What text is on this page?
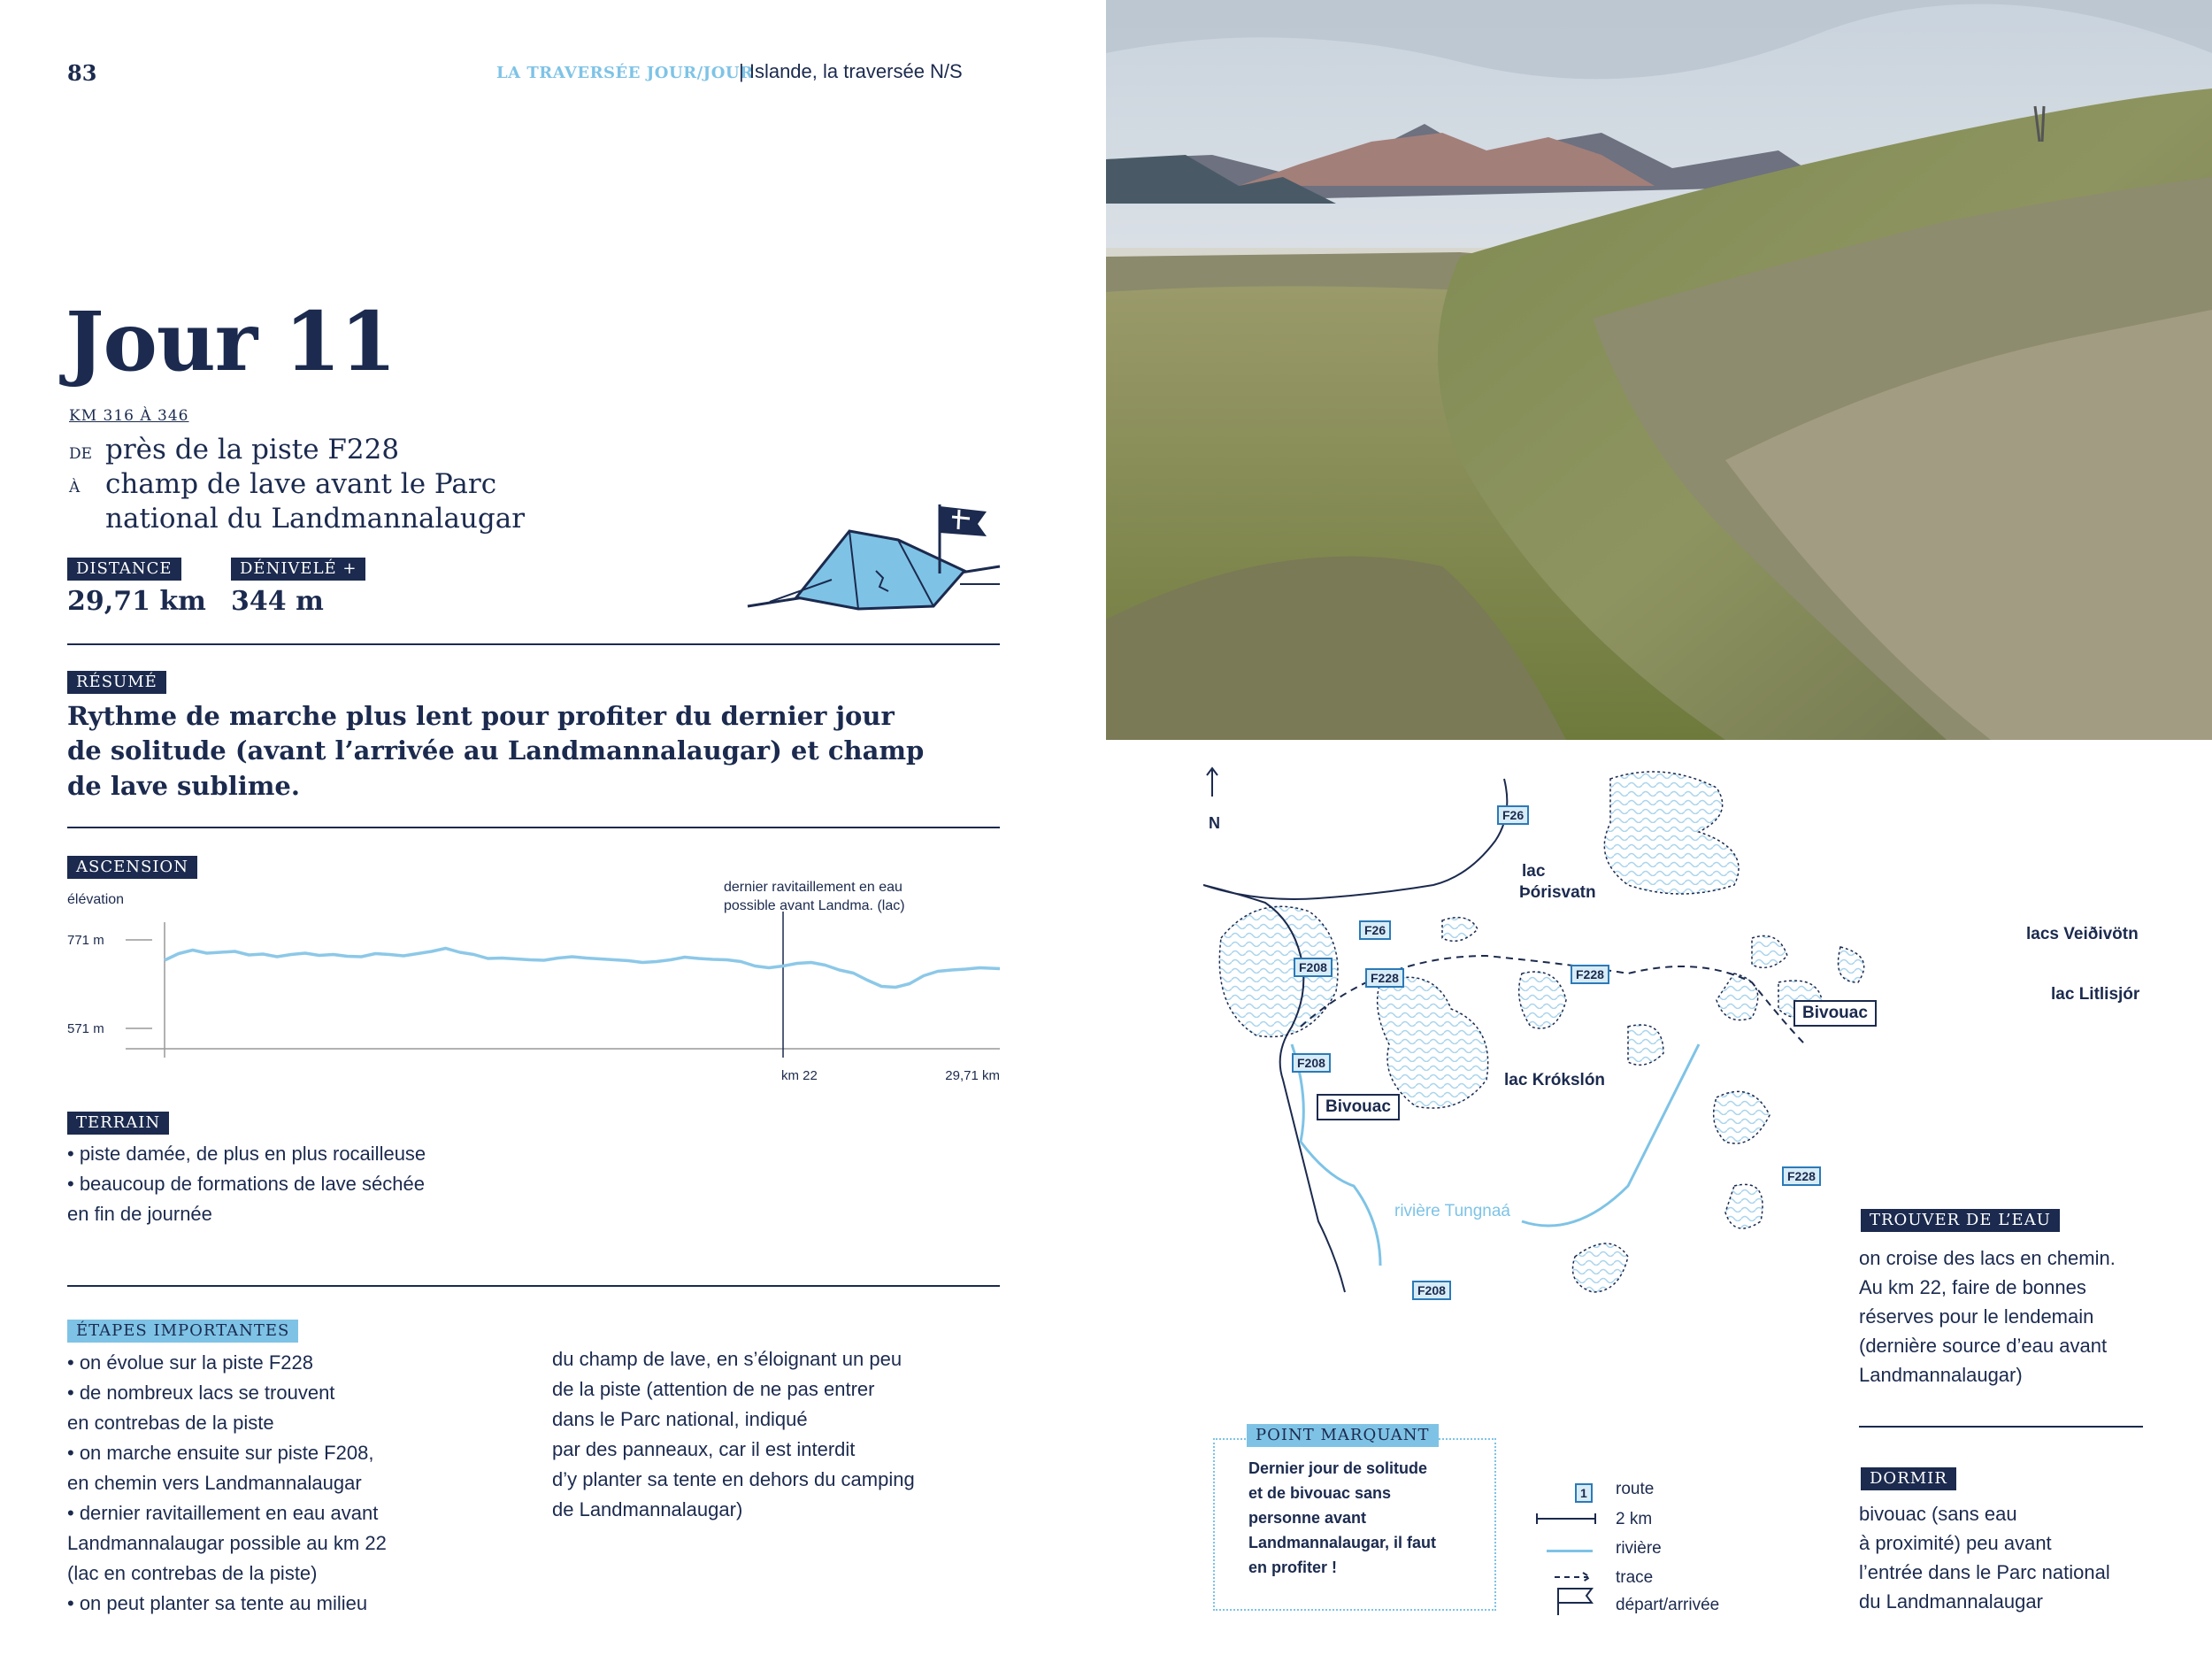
83	LA TRAVERSÉE JOUR/JOUR
| Islande, la traversée N/S
Jour 11
KM 316 À 346
DE près de la piste F228
À champ de lave avant le Parc
national du Landmannalaugar
DISTANCE
29,71 km
DÉNIVELÉ +
344 m
RÉSUMÉ
Rythme de marche plus lent pour profiter du dernier jour
de solitude (avant l’arrivée au Landmannalaugar) et champ
de lave sublime.
ASCENSION
élévation
dernier ravitaillement en eau
possible avant Landma. (lac)
771 m
571 m
km 22	29,71 km
TERRAIN
• piste damée, de plus en plus rocailleuse
• beaucoup de formations de lave séchée
en fin de journée
ÉTAPES IMPORTANTES
• on évolue sur la piste F228
• de nombreux lacs se trouvent
en contrebas de la piste
• on marche ensuite sur piste F208,
en chemin vers Landmannalaugar
• dernier ravitaillement en eau avant
Landmannalaugar possible au km 22
(lac en contrebas de la piste)
• on peut planter sa tente au milieu
du champ de lave, en s’éloignant un peu
de la piste (attention de ne pas entrer
dans le Parc national, indiqué
par des panneaux, car il est interdit
d’y planter sa tente en dehors du camping
de Landmannalaugar)
N
lac
Þórisvatn
lacs Veiðivötn
lac Litlisjór
lac Krókslón
rivière Tungnaá
F26
F26
F208
F228	F228
F208
F228
F208
Bivouac
Bivouac
POINT MARQUANT
Dernier jour de solitude
et de bivouac sans
personne avant
Landmannalaugar, il faut
en profiter !
1	route
2 km
rivière
trace
départ/arrivée
TROUVER DE L’EAU
on croise des lacs en chemin.
Au km 22, faire de bonnes
réserves pour le lendemain
(dernière source d’eau avant
Landmannalaugar)
DORMIR
bivouac (sans eau
à proximité) peu avant
l’entrée dans le Parc national
du Landmannalaugar
